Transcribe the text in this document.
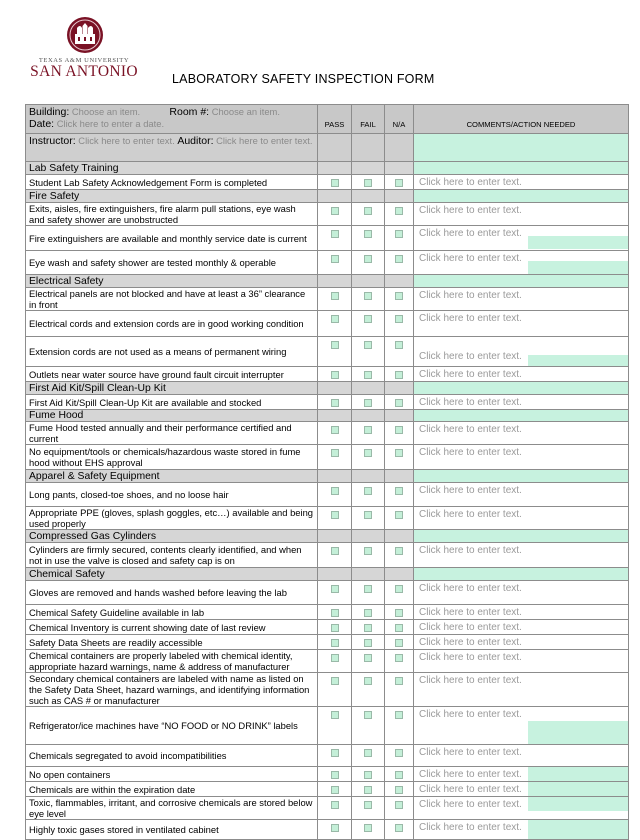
TEXAS A&M UNIVERSITY
SAN ANTONIO	LABORATORY SAFETY INSPECTION FORM
Building: Choose an item. Room #: Choose an item.
Date: Click here to enter a date.	PASS	FAIL	N/A	COMMENTS/ACTION NEEDED
Instructor: Click here to enter text. Auditor: Click here to enter text.				
Lab Safety Training				
Student Lab Safety Acknowledgement Form is completed				Click here to enter text.

Fire Safety				
Exits, aisles, fire extinguishers, fire alarm pull stations, eye wash and safety shower are unobstructed				Click here to enter text.

Fire extinguishers are available and monthly service date is current				Click here to enter text.

Eye wash and safety shower are tested monthly & operable				Click here to enter text.

Electrical Safety				
Electrical panels are not blocked and have at least a 36” clearance in front				Click here to enter text.

Electrical cords and extension cords are in good working condition				Click here to enter text.

Extension cords are not used as a means of permanent wiring				Click here to enter text.

Outlets near water source have ground fault circuit interrupter				Click here to enter text.

First Aid Kit/Spill Clean-Up Kit				
First Aid Kit/Spill Clean-Up Kit are available and stocked				Click here to enter text.

Fume Hood				
Fume Hood tested annually and their performance certified and current				Click here to enter text.

No equipment/tools or chemicals/hazardous waste stored in fume hood without EHS approval				Click here to enter text.

Apparel & Safety Equipment				
Long pants, closed-toe shoes, and no loose hair				Click here to enter text.

Appropriate PPE (gloves, splash goggles, etc…) available and being used properly				Click here to enter text.

Compressed Gas Cylinders				
Cylinders are firmly secured, contents clearly identified, and when not in use the valve is closed and safety cap is on				Click here to enter text.

Chemical Safety				
Gloves are removed and hands washed before leaving the lab				Click here to enter text.

Chemical Safety Guideline available in lab				Click here to enter text.

Chemical Inventory is current showing date of last review				Click here to enter text.

Safety Data Sheets are readily accessible				Click here to enter text.

Chemical containers are properly labeled with chemical identity, appropriate hazard warnings, name & address of manufacturer				Click here to enter text.

Secondary chemical containers are labeled with name as listed on the Safety Data Sheet, hazard warnings, and identifying information such as CAS # or manufacturer				Click here to enter text.

Refrigerator/ice machines have “NO FOOD or NO DRINK” labels				Click here to enter text.

Chemicals segregated to avoid incompatibilities				Click here to enter text.

No open containers				Click here to enter text.

Chemicals are within the expiration date				Click here to enter text.

Toxic, flammables, irritant, and corrosive chemicals are stored below eye level				Click here to enter text.

Highly toxic gases stored in ventilated cabinet				Click here to enter text.
